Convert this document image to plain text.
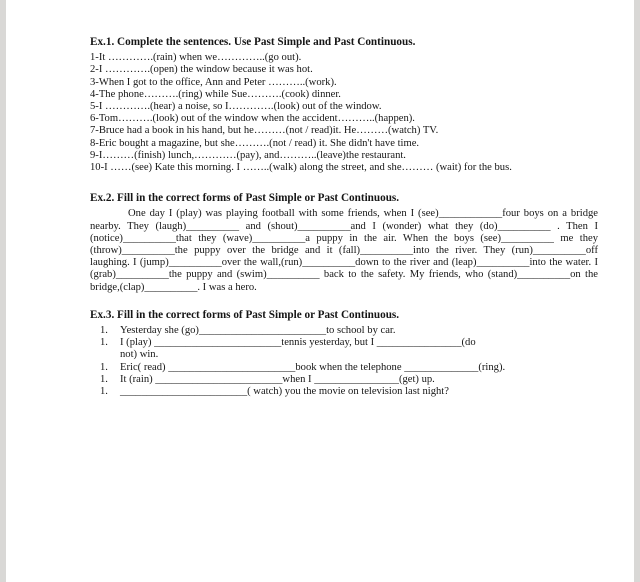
Ex.1. Complete the sentences. Use Past Simple and Past Continuous.
1-It ………….(rain) when we…………..(go out).
2-I ………….(open) the window because it was hot.
3-When I got to the office, Ann and Peter ………..(work).
4-The phone……….(ring) while Sue……….(cook) dinner.
5-I ………….(hear) a noise, so I………….(look) out of the window.
6-Tom……….(look) out of the window when the accident………..(happen).
7-Bruce had a book in his hand, but he………(not / read)it. He………(watch) TV.
8-Eric bought a magazine, but she……….(not / read) it. She didn't have time.
9-I………(finish) lunch,…………(pay), and………..(leave)the restaurant.
10-I ……(see) Kate this morning. I ……..(walk) along the street, and she……… (wait) for the bus.
Ex.2. Fill in the correct forms of Past Simple or Past Continuous.
One day I (play) was playing football with some friends, when I (see)____________four boys on a bridge nearby. They (laugh)__________ and (shout)__________and I (wonder) what they (do)__________ . Then I (notice)__________that they (wave)__________a puppy in the air. When the boys (see)__________ me they (throw)__________the puppy over the bridge and it (fall)__________into the river. They (run)__________off laughing. I (jump)__________over the wall,(run)__________down to the river and (leap)__________into the water. I (grab)__________the puppy and (swim)__________ back to the safety. My friends, who (stand)__________on the bridge,(clap)__________. I was a hero.
Ex.3. Fill in the correct forms of Past Simple or Past Continuous.
1.	Yesterday she (go)________________________to school by car.
1.	I (play) ________________________tennis yesterday, but I ________________(do
not) win.
1.	Eric( read) ________________________book when the telephone ______________(ring).
1.	It (rain) ________________________when I ________________(get) up.
1.	________________________( watch) you the movie on television last night?
